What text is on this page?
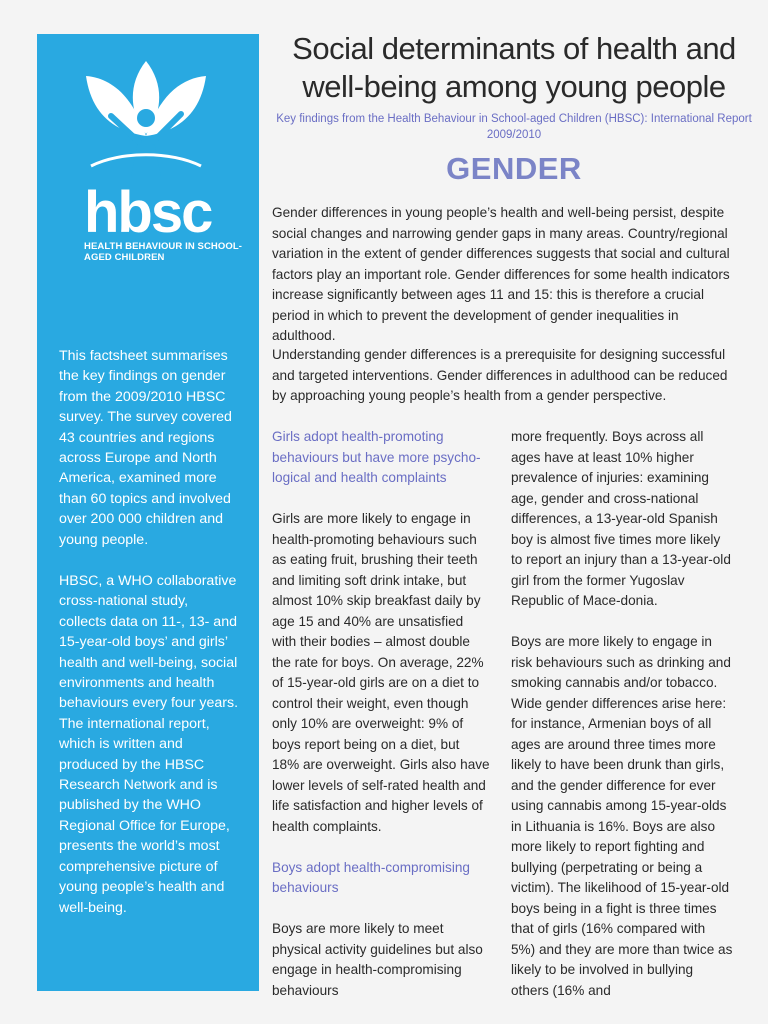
hbsc
HEALTH BEHAVIOUR IN SCHOOL-AGED CHILDREN
This factsheet summarises the key findings on gender from the 2009/2010 HBSC survey. The survey covered 43 countries and regions across Europe and North America, examined more than 60 topics and involved over 200 000 children and young people.
HBSC, a WHO collaborative cross-national study, collects data on 11-, 13- and 15-year-old boys’ and girls’ health and well-being, social environments and health behaviours every four years. The international report, which is written and produced by the HBSC Research Network and is published by the WHO Regional Office for Europe, presents the world’s most comprehensive picture of young people’s health and well-being.
Social determinants of health and well-being among young people
Key findings from the Health Behaviour in School-aged Children (HBSC): International Report 2009/2010
GENDER
Gender differences in young people’s health and well-being persist, despite social changes and narrowing gender gaps in many areas. Country/regional variation in the extent of gender differences suggests that social and cultural factors play an important role. Gender differences for some health indicators increase significantly between ages 11 and 15: this is therefore a crucial period in which to prevent the development of gender inequalities in adulthood.
Understanding gender differences is a prerequisite for designing successful and targeted interventions. Gender differences in adulthood can be reduced by approaching young people’s health from a gender perspective.
Girls adopt health-promoting behaviours but have more psycho-logical and health complaints

Girls are more likely to engage in health-promoting behaviours such as eating fruit, brushing their teeth and limiting soft drink intake, but almost 10% skip breakfast daily by age 15 and 40% are unsatisfied with their bodies – almost double the rate for boys. On average, 22% of 15-year-old girls are on a diet to control their weight, even though only 10% are overweight: 9% of boys report being on a diet, but 18% are overweight. Girls also have lower levels of self-rated health and life satisfaction and higher levels of health complaints.

Boys adopt health-compromising behaviours

Boys are more likely to meet physical activity guidelines but also engage in health-compromising behaviours

more frequently. Boys across all ages have at least 10% higher prevalence of injuries: examining age, gender and cross-national differences, a 13-year-old Spanish boy is almost five times more likely to report an injury than a 13-year-old girl from the former Yugoslav Republic of Mace-donia.

Boys are more likely to engage in risk behaviours such as drinking and smoking cannabis and/or tobacco. Wide gender differences arise here: for instance, Armenian boys of all ages are around three times more likely to have been drunk than girls, and the gender difference for ever using cannabis among 15-year-olds in Lithuania is 16%. Boys are also more likely to report fighting and bullying (perpetrating or being a victim). The likelihood of 15-year-old boys being in a fight is three times that of girls (16% compared with 5%) and they are more than twice as likely to be involved in bullying others (16% and
